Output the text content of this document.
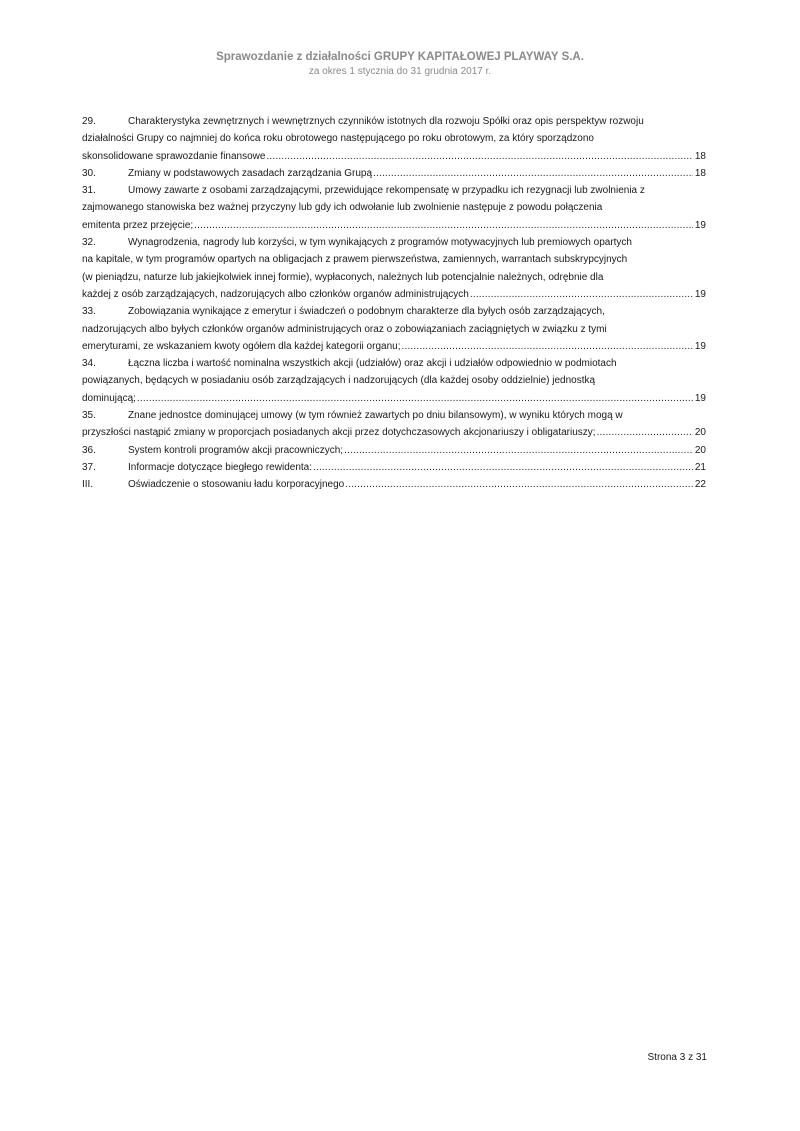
Sprawozdanie z działalności GRUPY KAPITAŁOWEJ PLAYWAY S.A.
za okres 1 stycznia do 31 grudnia 2017 r.
29.	Charakterystyka zewnętrznych i wewnętrznych czynników istotnych dla rozwoju Spółki oraz opis perspektyw rozwoju
działalności Grupy co najmniej do końca roku obrotowego następującego po roku obrotowym, za który sporządzono
skonsolidowane sprawozdanie finansowe .....	18
30.	Zmiany w podstawowych zasadach zarządzania Grupą .....	18
31.	Umowy zawarte z osobami zarządzającymi, przewidujące rekompensatę w przypadku ich rezygnacji lub zwolnienia z
zajmowanego stanowiska bez ważnej przyczyny lub gdy ich odwołanie lub zwolnienie następuje z powodu połączenia
emitenta przez przejęcie; .....	19
32.	Wynagrodzenia, nagrody lub korzyści, w tym wynikających z programów motywacyjnych lub premiowych opartych
na kapitale, w tym programów opartych na obligacjach z prawem pierwszeństwa, zamiennych, warrantach subskrypcyjnych
(w pieniądzu, naturze lub jakiejkolwiek innej formie), wypłaconych, należnych lub potencjalnie należnych, odrębnie dla
każdej z osób zarządzających, nadzorujących albo członków organów administrujących .....	19
33.	Zobowiązania wynikające z emerytur i świadczeń o podobnym charakterze dla byłych osób zarządzających,
nadzorujących albo byłych członków organów administrujących oraz o zobowiązaniach zaciągniętych w związku z tymi
emeryturami, ze wskazaniem kwoty ogółem dla każdej kategorii organu; .....	19
34.	Łączna liczba i wartość nominalna wszystkich akcji (udziałów) oraz akcji i udziałów odpowiednio w podmiotach
powiązanych, będących w posiadaniu osób zarządzających i nadzorujących (dla każdej osoby oddzielnie) jednostką
dominującą; .....	19
35.	Znane jednostce dominującej umowy (w tym również zawartych po dniu bilansowym), w wyniku których mogą w
przyszłości nastąpić zmiany w proporcjach posiadanych akcji przez dotychczasowych akcjonariuszy i obligatariuszy; .....	20
36.	System kontroli programów akcji pracowniczych; .....	20
37.	Informacje dotyczące biegłego rewidenta: .....	21
III.	Oświadczenie o stosowaniu ładu korporacyjnego .....	22
Strona 3 z 31
